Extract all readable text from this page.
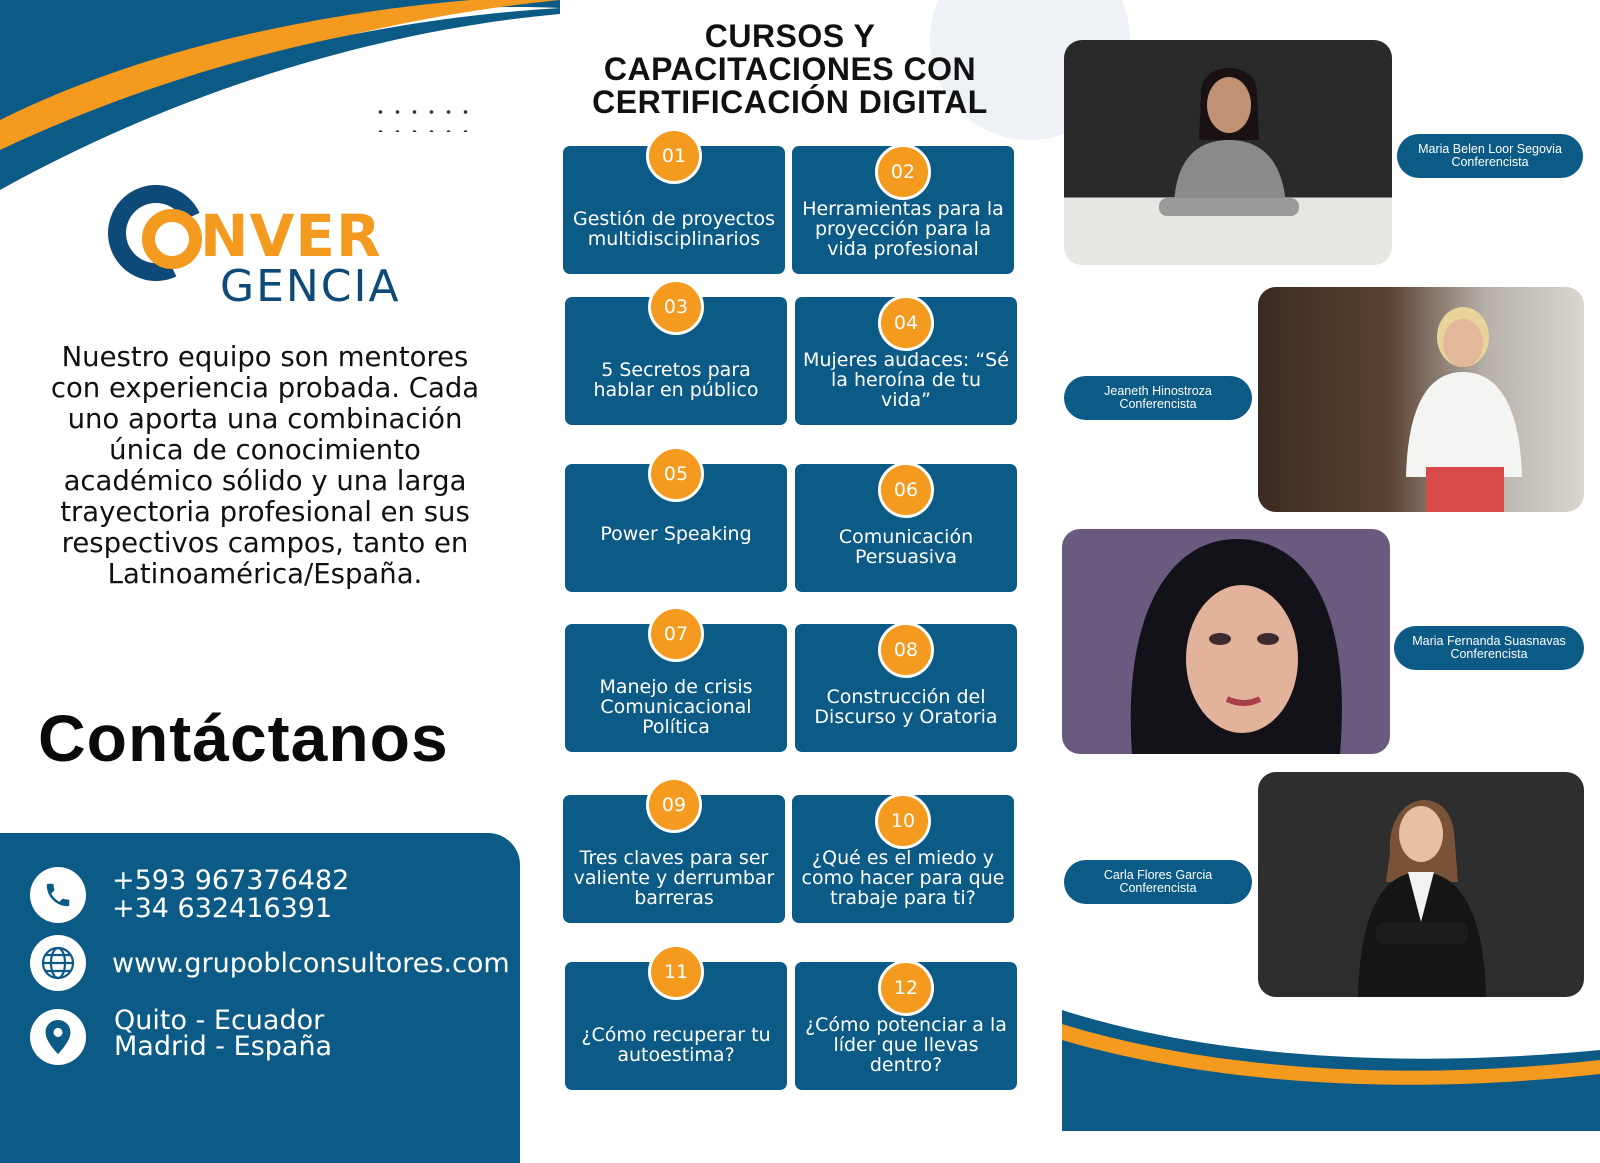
NVER
GENCIA
Nuestro equipo son mentores con experiencia probada. Cada uno aporta una combinación única de conocimiento académico sólido y una larga trayectoria profesional en sus respectivos campos, tanto en Latinoamérica/España.
Contáctanos
+593 967376482
+34 632416391
www.grupoblconsultores.com
Quito - Ecuador
Madrid - España
CURSOS Y
CAPACITACIONES CON
CERTIFICACIÓN DIGITAL
01
Gestión de proyectos multidisciplinarios
02
Herramientas para la proyección para la vida profesional
03
5 Secretos para hablar en público
04
Mujeres audaces: “Sé la heroína de tu vida”
05
Power Speaking
06
Comunicación Persuasiva
07
Manejo de crisis Comunicacional Política
08
Construcción del Discurso y Oratoria
09
Tres claves para ser valiente y derrumbar barreras
10
¿Qué es el miedo y como hacer para que trabaje para ti?
11
¿Cómo recuperar tu autoestima?
12
¿Cómo potenciar a la líder que llevas dentro?
Maria Belen Loor Segovia
Conferencista
Jeaneth Hinostroza
Conferencista
Maria Fernanda Suasnavas
Conferencista
Carla Flores Garcia
Conferencista
